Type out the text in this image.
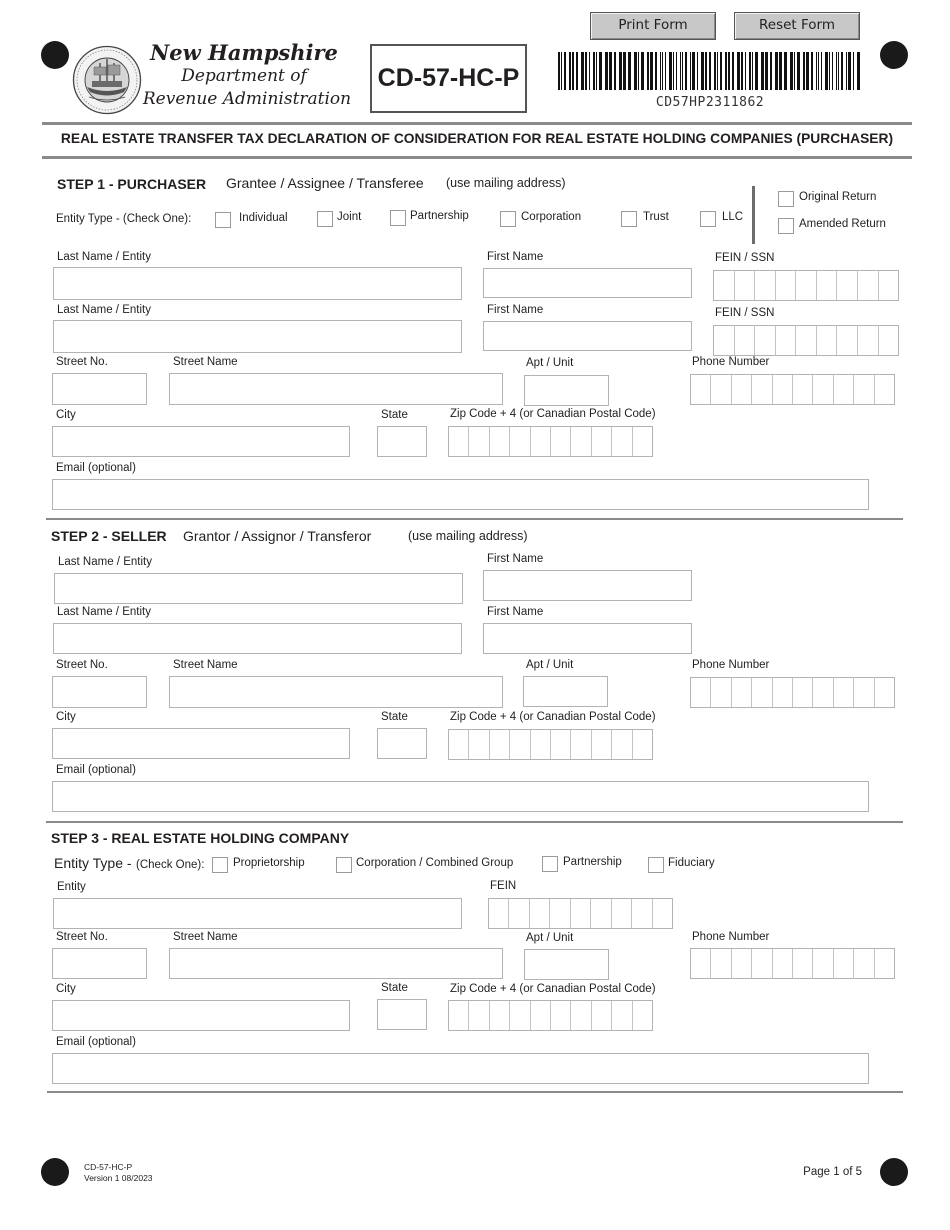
Print Form	Reset Form
New Hampshire
Department of
Revenue Administration
CD-57-HC-P
CD57HP2311862
REAL ESTATE TRANSFER TAX DECLARATION OF CONSIDERATION FOR REAL ESTATE HOLDING COMPANIES (PURCHASER)
STEP 1 - PURCHASER Grantee / Assignee / Transferee (use mailing address)
Entity Type - (Check One):	Individual	Joint	Partnership	Corporation	Trust	LLC
Original Return
Amended Return
Last Name / Entity	First Name	FEIN / SSN
Last Name / Entity	First Name	FEIN / SSN
Street No.	Street Name	Apt / Unit	Phone Number
City	State	Zip Code + 4 (or Canadian Postal Code)
Email (optional)
STEP 2 - SELLER Grantor / Assignor / Transferor	(use mailing address)
Last Name / Entity	First Name
Last Name / Entity	First Name
Street No.	Street Name	Apt / Unit	Phone Number
City	State	Zip Code + 4 (or Canadian Postal Code)
Email (optional)
STEP 3 - REAL ESTATE HOLDING COMPANY
Entity Type - (Check One): Proprietorship	Corporation / Combined Group	Partnership	Fiduciary
Entity	FEIN
Street No.	Street Name	Apt / Unit	Phone Number
City	State	Zip Code + 4 (or Canadian Postal Code)
Email (optional)
CD-57-HC-P
Version 1 08/2023	Page 1 of 5
